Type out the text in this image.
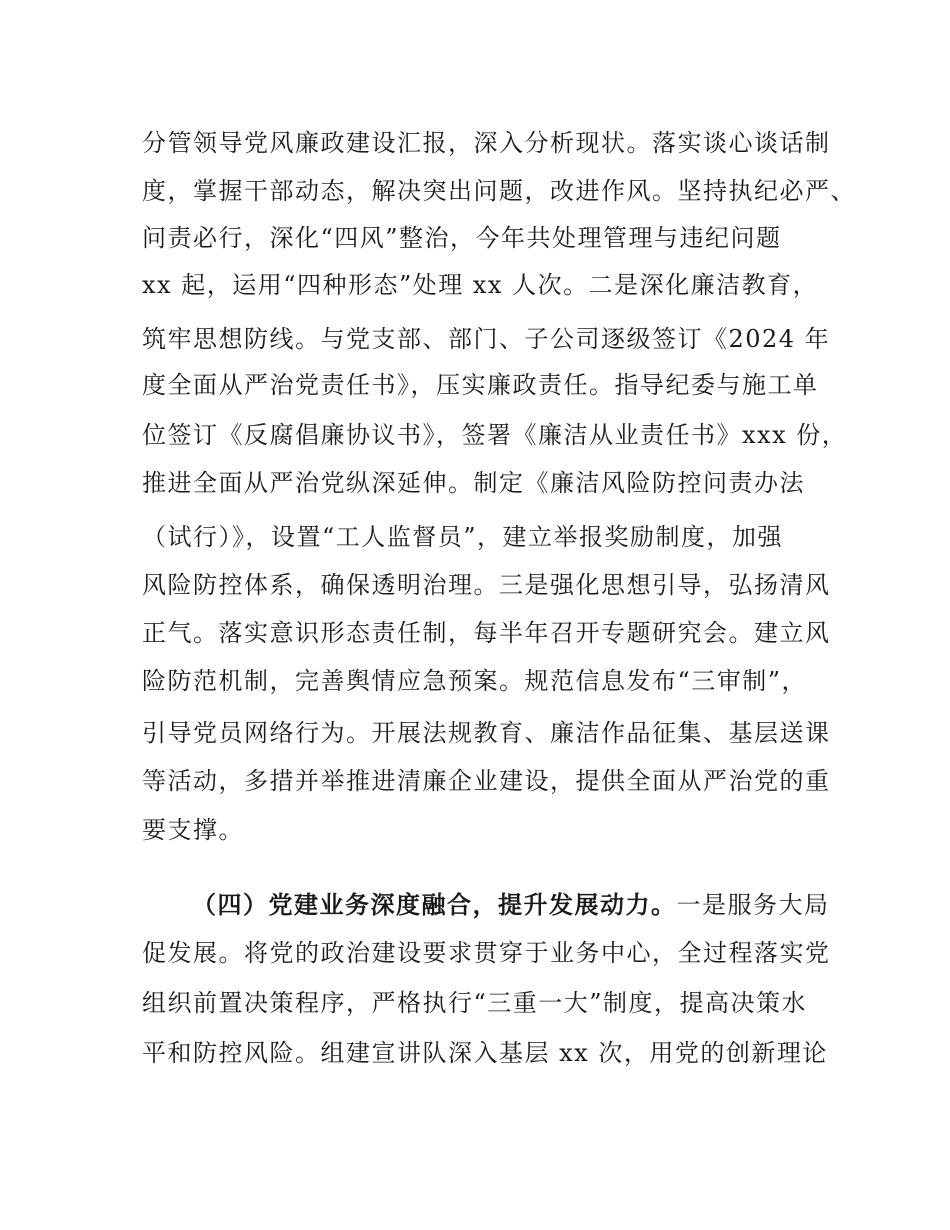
分管领导党风廉政建设汇报，深入分析现状。落实谈心谈话制
度，掌握干部动态，解决突出问题，改进作风。坚持执纪必严、
问责必行，深化“四风”整治，今年共处理管理与违纪问题
xx 起，运用“四种形态”处理 xx 人次。二是深化廉洁教育，
筑牢思想防线。与党支部、部门、子公司逐级签订《2024 年
度全面从严治党责任书》，压实廉政责任。指导纪委与施工单
位签订《反腐倡廉协议书》，签署《廉洁从业责任书》xxx 份，
推进全面从严治党纵深延伸。制定《廉洁风险防控问责办法
（试行）》，设置“工人监督员”，建立举报奖励制度，加强
风险防控体系，确保透明治理。三是强化思想引导，弘扬清风
正气。落实意识形态责任制，每半年召开专题研究会。建立风
险防范机制，完善舆情应急预案。规范信息发布“三审制”，
引导党员网络行为。开展法规教育、廉洁作品征集、基层送课
等活动，多措并举推进清廉企业建设，提供全面从严治党的重
要支撑。
（四）党建业务深度融合，提升发展动力。一是服务大局
促发展。将党的政治建设要求贯穿于业务中心，全过程落实党
组织前置决策程序，严格执行“三重一大”制度，提高决策水
平和防控风险。组建宣讲队深入基层 xx 次，用党的创新理论
